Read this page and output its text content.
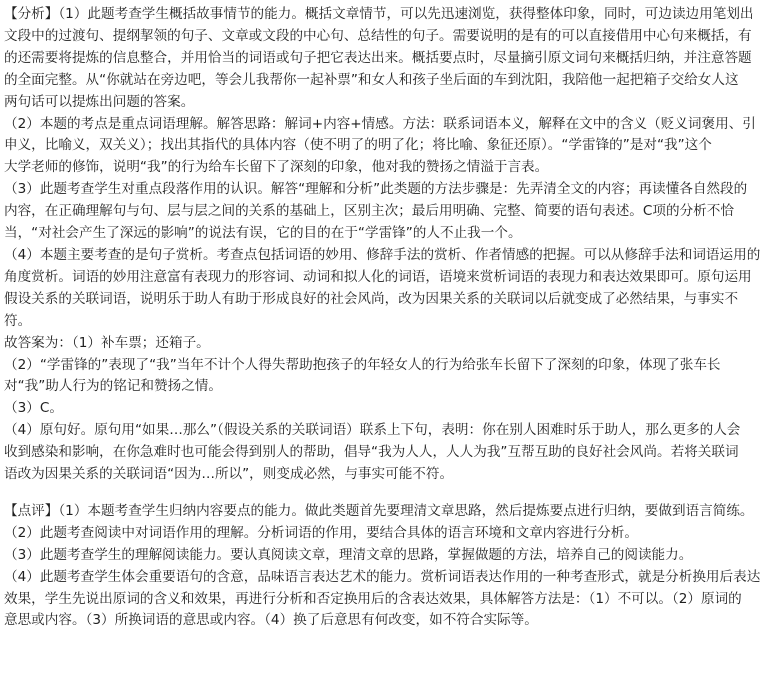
【分析】（1）此题考查学生概括故事情节的能力。概括文章情节，可以先迅速浏览，获得整体印象，同时，可边读边用笔划出
文段中的过渡句、提纲挈领的句子、文章或文段的中心句、总结性的句子。需要说明的是有的可以直接借用中心句来概括，有
的还需要将提炼的信息整合，并用恰当的词语或句子把它表达出来。概括要点时，尽量摘引原文词句来概括归纳，并注意答题
的全面完整。从“你就站在旁边吧，等会儿我帮你一起补票”和女人和孩子坐后面的车到沈阳，我陪他一起把箱子交给女人这
两句话可以提炼出问题的答案。
（2）本题的考点是重点词语理解。解答思路：解词+内容+情感。方法：联系词语本义，解释在文中的含义（贬义词褒用、引
申义，比喻义，双关义）；找出其指代的具体内容（使不明了的明了化；将比喻、象征还原）。“学雷锋的”是对“我”这个
大学老师的修饰，说明“我”的行为给车长留下了深刻的印象，他对我的赞扬之情溢于言表。
（3）此题考查学生对重点段落作用的认识。解答“理解和分析”此类题的方法步骤是：先弄清全文的内容；再读懂各自然段的
内容，在正确理解句与句、层与层之间的关系的基础上，区别主次；最后用明确、完整、简要的语句表述。C项的分析不恰
当，“对社会产生了深远的影响”的说法有误，它的目的在于“学雷锋”的人不止我一个。
（4）本题主要考查的是句子赏析。考查点包括词语的妙用、修辞手法的赏析、作者情感的把握。可以从修辞手法和词语运用的
角度赏析。词语的妙用注意富有表现力的形容词、动词和拟人化的词语，语境来赏析词语的表现力和表达效果即可。原句运用
假设关系的关联词语，说明乐于助人有助于形成良好的社会风尚，改为因果关系的关联词以后就变成了必然结果，与事实不
符。
故答案为：（1）补车票；还箱子。
（2）“学雷锋的”表现了“我”当年不计个人得失帮助抱孩子的年轻女人的行为给张车长留下了深刻的印象，体现了张车长
对“我”助人行为的铭记和赞扬之情。
（3）C。
（4）原句好。原句用“如果…那么”（假设关系的关联词语）联系上下句，表明：你在别人困难时乐于助人，那么更多的人会
收到感染和影响，在你急难时也可能会得到别人的帮助，倡导“我为人人，人人为我”互帮互助的良好社会风尚。若将关联词
语改为因果关系的关联词语“因为…所以”，则变成必然，与事实可能不符。
【点评】（1）本题考查学生归纳内容要点的能力。做此类题首先要理清文章思路，然后提炼要点进行归纳，要做到语言简练。
（2）此题考查阅读中对词语作用的理解。分析词语的作用，要结合具体的语言环境和文章内容进行分析。
（3）此题考查学生的理解阅读能力。要认真阅读文章，理清文章的思路，掌握做题的方法，培养自己的阅读能力。
（4）此题考查学生体会重要语句的含意，品味语言表达艺术的能力。赏析词语表达作用的一种考查形式，就是分析换用后表达
效果，学生先说出原词的含义和效果，再进行分析和否定换用后的含表达效果，具体解答方法是：（1）不可以。（2）原词的
意思或内容。（3）所换词语的意思或内容。（4）换了后意思有何改变，如不符合实际等。
